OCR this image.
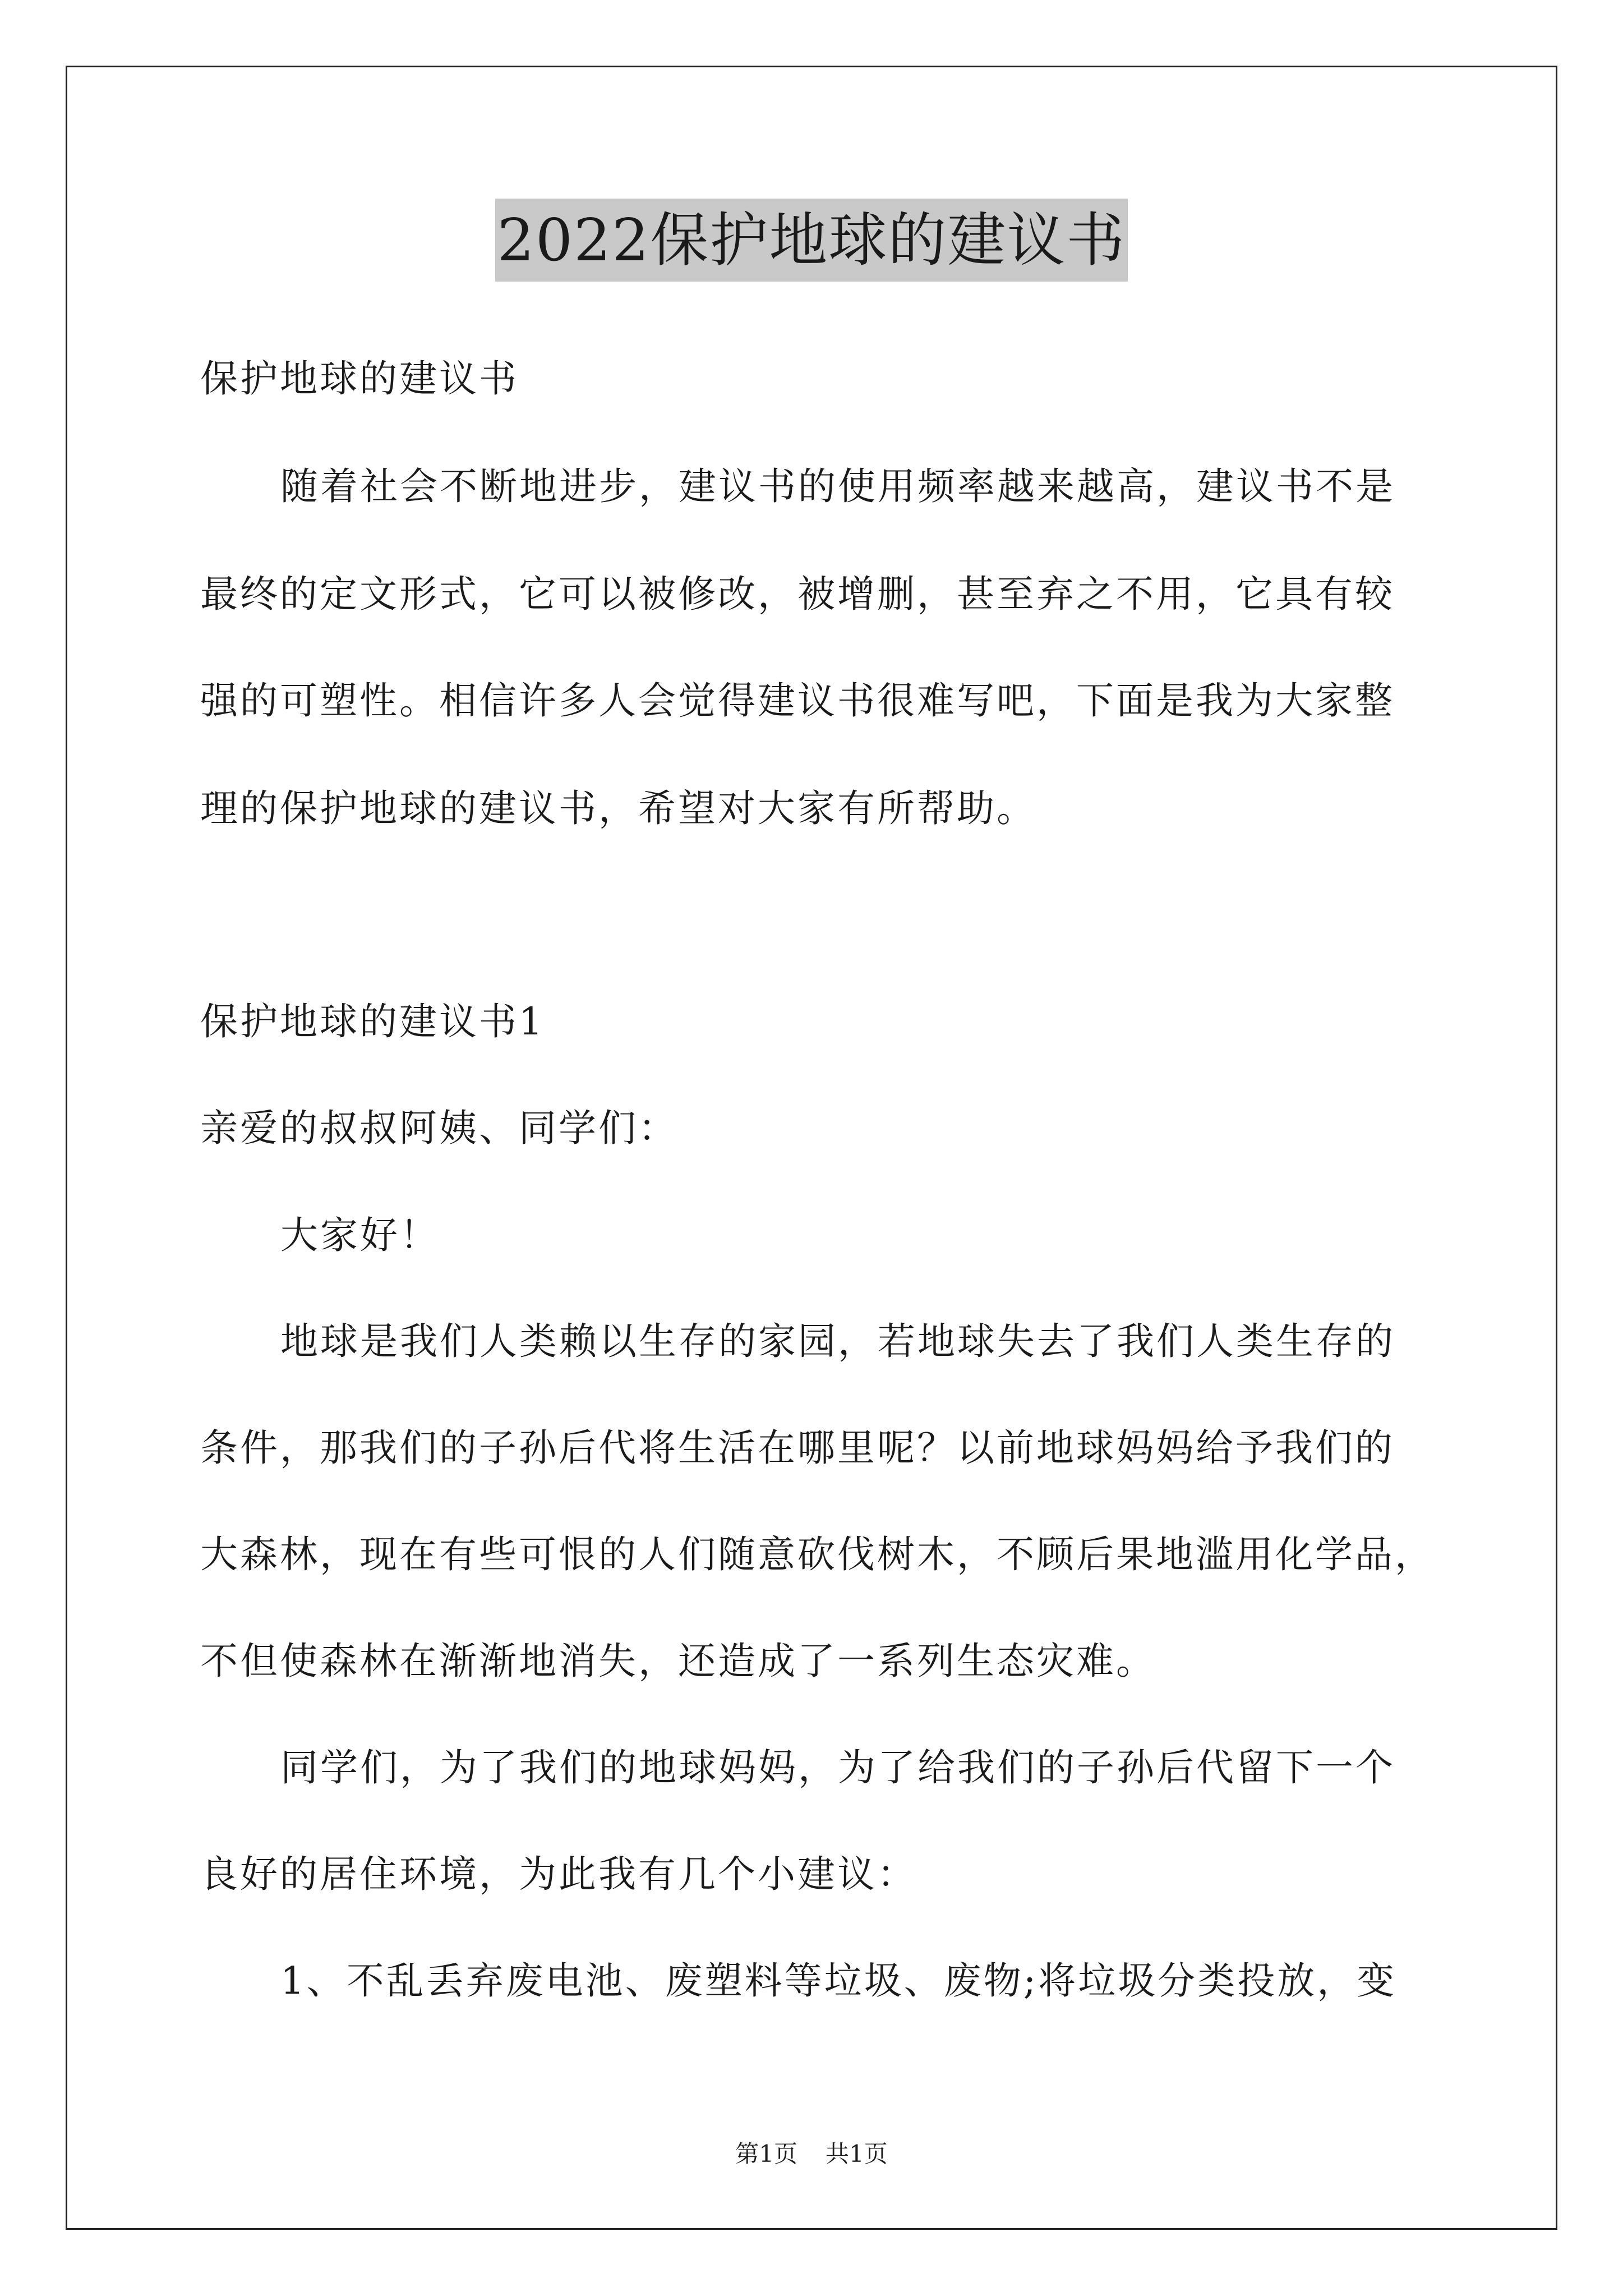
2022保护地球的建议书
保护地球的建议书
随着社会不断地进步，建议书的使用频率越来越高，建议书不是
最终的定文形式，它可以被修改，被增删，甚至弃之不用，它具有较
强的可塑性。相信许多人会觉得建议书很难写吧，下面是我为大家整
理的保护地球的建议书，希望对大家有所帮助。
保护地球的建议书1
亲爱的叔叔阿姨、同学们：
大家好！
地球是我们人类赖以生存的家园，若地球失去了我们人类生存的
条件，那我们的子孙后代将生活在哪里呢？以前地球妈妈给予我们的
大森林，现在有些可恨的人们随意砍伐树木，不顾后果地滥用化学品，
不但使森林在渐渐地消失，还造成了一系列生态灾难。
同学们，为了我们的地球妈妈，为了给我们的子孙后代留下一个
良好的居住环境，为此我有几个小建议：
1、不乱丢弃废电池、废塑料等垃圾、废物;将垃圾分类投放，变
第1页 共1页
